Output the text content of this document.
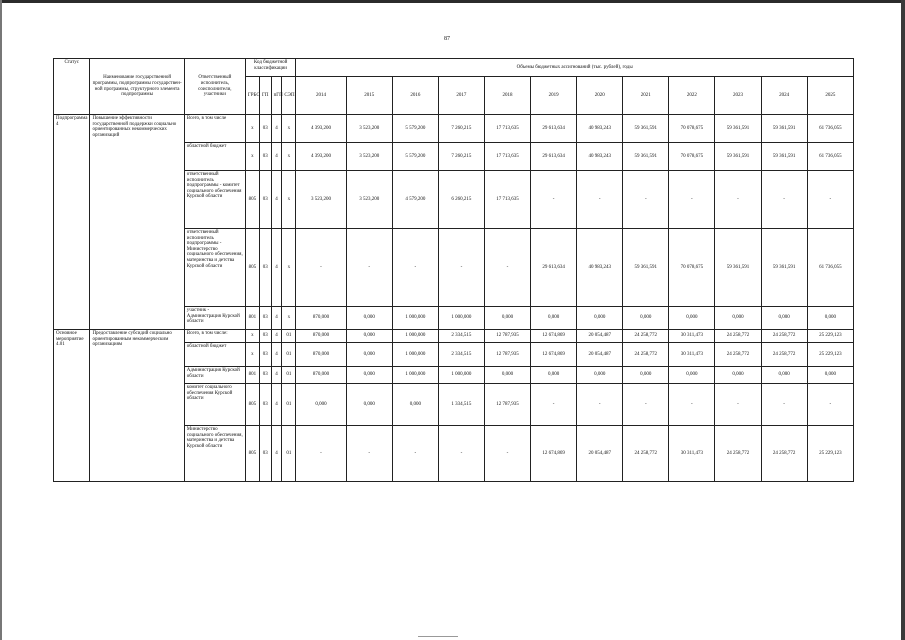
87
Статус	Наименование государственной программы, подпрограммы государствен-ной программы, структурного элемента подпрограммы	Ответственный исполнитель, соисполнители, участники	Код бюджетной классификации				Объемы бюджетных ассигнований (тыс. рублей), годы											
			ГРБС	ГП	пГП	СЭП	2014	2015	2016	2017	2018	2019	2020	2021	2022	2023	2024	2025
Подпрограмма 4	Повышение эффективности государственной поддержки социально ориентированных некоммерческих организаций	Всего, в том числе	х	03	4	х	4 393,200	3 523,200	5 579,200	7 260,215	17 713,635	29 613,634	40 983,243	59 361,591	70 078,675	59 361,591	59 361,591	61 736,055
		областной бюджет	х	03	4	х	4 393,200	3 523,200	5 579,200	7 260,215	17 713,635	29 613,634	40 983,243	59 361,591	70 078,675	59 361,591	59 361,591	61 736,055
		ответственный исполнитель подпрограммы - комитет социального обеспечения Курской области	805	03	4	х	3 523,200	3 523,200	4 579,200	6 260,215	17 713,635	-	-	-	-	-	-	-
		ответственный исполнитель подпрограммы - Министерство социального обеспечения, материнства и детства Курской области	805	03	4	х	-	-	-	-	-	29 613,634	40 983,243	59 361,591	70 078,675	59 361,591	59 361,591	61 736,055
		участник - Администрация Курской области	801	03	4	х	870,000	0,000	1 000,000	1 000,000	0,000	0,000	0,000	0,000	0,000	0,000	0,000	0,000
Основное мероприятие 4.01	Предоставление субсидий социально ориентированным некоммерческим организациям	Всего, в том числе:	х	03	4	01	870,000	0,000	1 000,000	2 334,515	12 787,935	12 674,869	20 054,487	24 258,772	30 311,473	24 258,772	24 258,772	25 229,123
		областной бюджет	х	03	4	01	870,000	0,000	1 000,000	2 334,515	12 787,935	12 674,869	20 054,487	24 258,772	30 311,473	24 258,772	24 258,772	25 229,123
		Администрация Курской области	801	03	4	01	870,000	0,000	1 000,000	1 000,000	0,000	0,000	0,000	0,000	0,000	0,000	0,000	0,000
		комитет социального обеспечения Курской области	805	03	4	01	0,000	0,000	0,000	1 334,515	12 787,935	-	-	-	-	-	-	-
		Министерство социального обеспечения, материнства и детства Курской области	805	03	4	01	-	-	-	-	-	12 674,869	20 054,487	24 258,772	30 311,473	24 258,772	24 258,772	25 229,123
